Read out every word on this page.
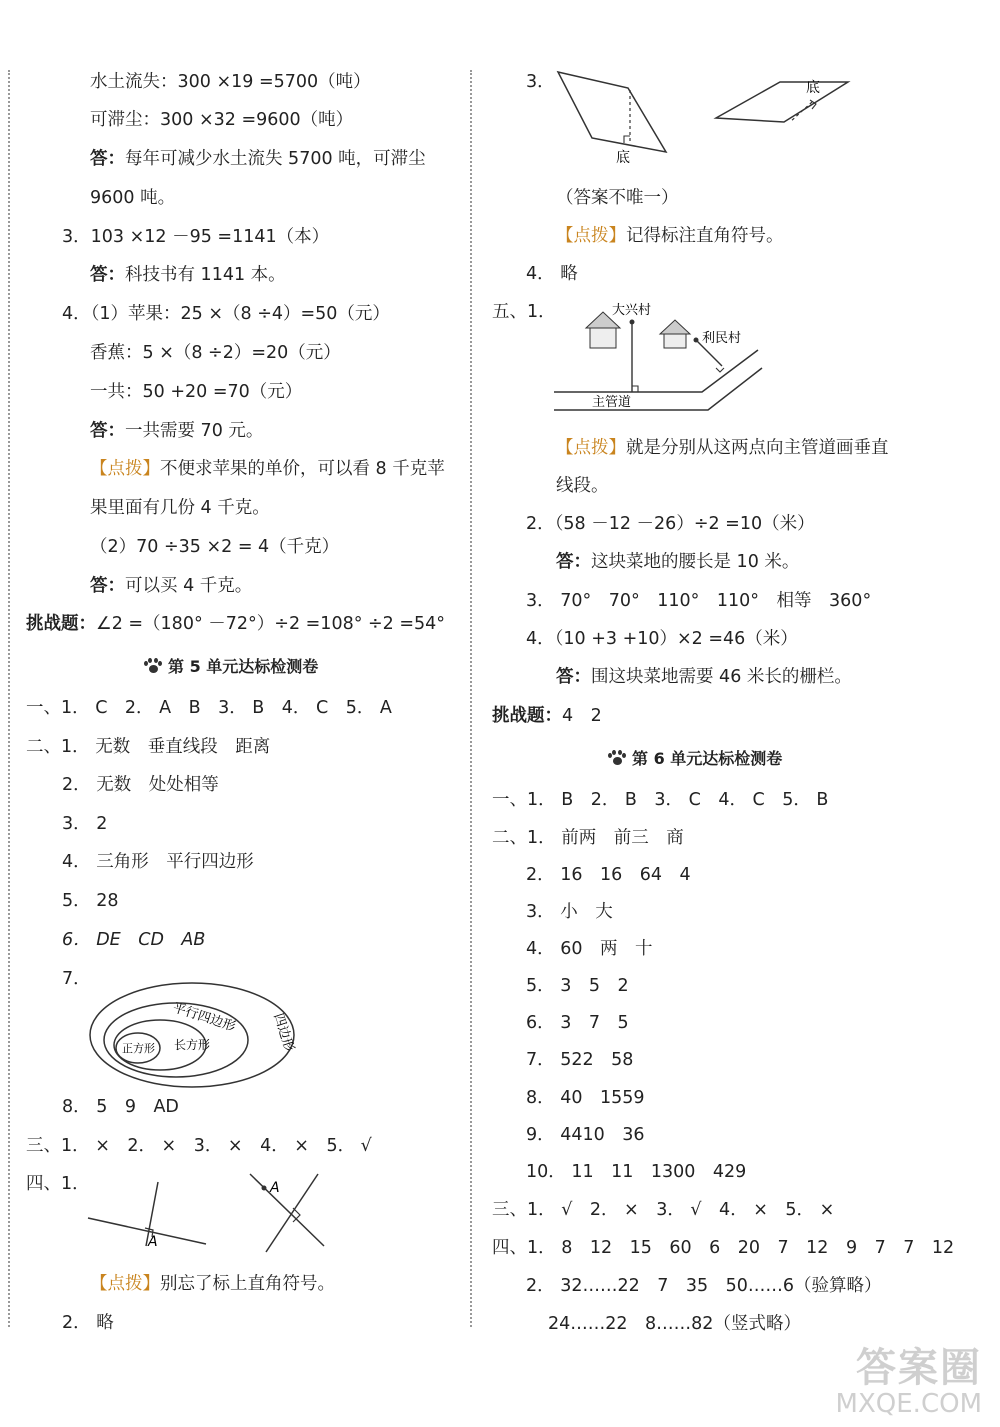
水土流失：300 ×19 =5700（吨）
可滞尘：300 ×32 =9600（吨）
答：每年可减少水土流失 5700 吨，可滞尘
9600 吨。
3．103 ×12 －95 =1141（本）
答：科技书有 1141 本。
4．（1）苹果：25 ×（8 ÷4）=50（元）
香蕉：5 ×（8 ÷2）=20（元）
一共：50 +20 =70（元）
答：一共需要 70 元。
【点拨】不便求苹果的单价，可以看 8 千克苹
果里面有几份 4 千克。
（2）70 ÷35 ×2 = 4（千克）
答：可以买 4 千克。
挑战题：∠2 =（180° －72°）÷2 =108° ÷2 =54°
第 5 单元达标检测卷
一、1． C　2． A　B　3． B　4． C　5． A
二、1． 无数　垂直线段　距离
2． 无数　处处相等
3． 2
4． 三角形　平行四边形
5． 28
6． DE　CD　AB
7．
四边形
平行四边形
长方形
正方形
8． 5　9　AD
三、1． ×　2． ×　3． ×　4． ×　5． √
四、1．
A
A
【点拨】别忘了标上直角符号。
2． 略
3．
底
底
（答案不唯一）
【点拨】记得标注直角符号。
4． 略
五、1．	大兴村
利民村
主管道
【点拨】就是分别从这两点向主管道画垂直
线段。
2．（58 －12 －26）÷2 =10（米）
答：这块菜地的腰长是 10 米。
3． 70°　70°　110°　110°　相等　360°
4．（10 +3 +10）×2 =46（米）
答：围这块菜地需要 46 米长的栅栏。
挑战题：4　2
第 6 单元达标检测卷
一、1． B　2． B　3． C　4． C　5． B
二、1． 前两　前三　商
2． 16　16　64　4
3． 小　大
4． 60　两　十
5． 3　5　2
6． 3　7　5
7． 522　58
8． 40　1559
9． 4410　36
10． 11　11　1300　429
三、1． √　2． ×　3． √　4． ×　5． ×
四、1． 8　12　15　60　6　20　7　12　9　7　7　12
2． 32……22　7　35　50……6（验算略）
24……22　8……82（竖式略）
答案圈
MXQE.COM
